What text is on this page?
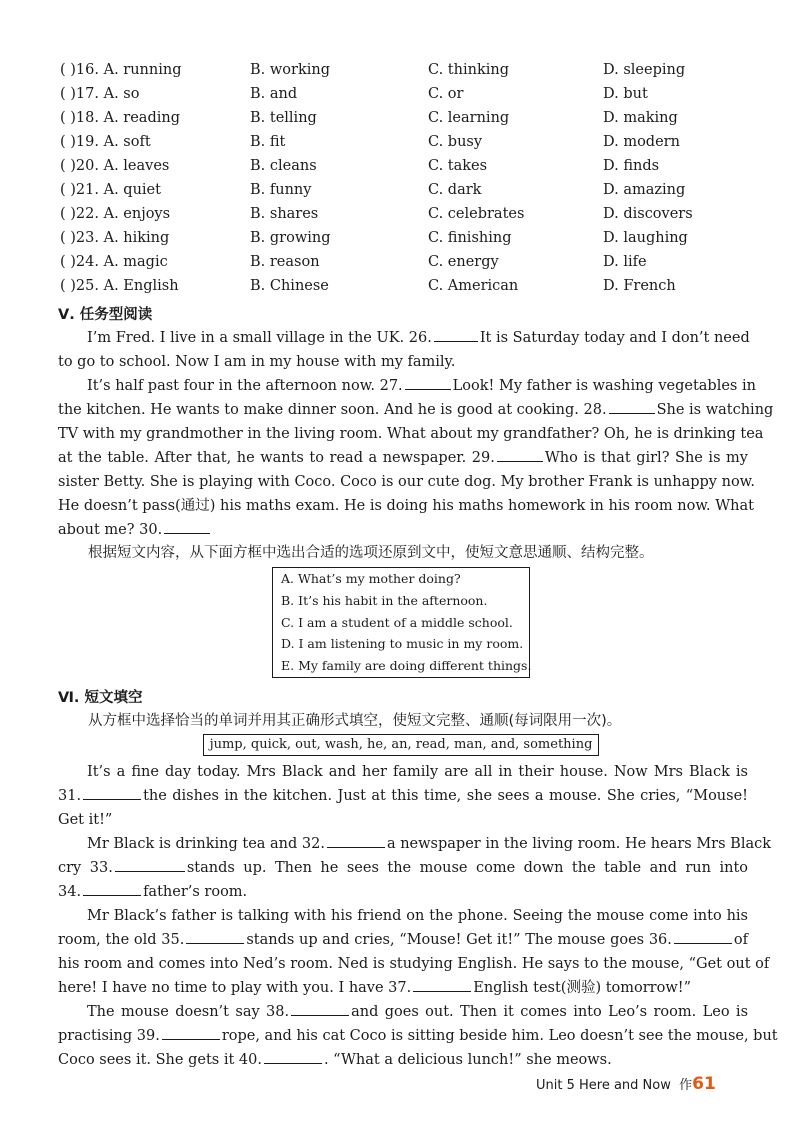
( )16. A. running	B. working	C. thinking	D. sleeping
( )17. A. so	B. and	C. or	D. but
( )18. A. reading	B. telling	C. learning	D. making
( )19. A. soft	B. fit	C. busy	D. modern
( )20. A. leaves	B. cleans	C. takes	D. finds
( )21. A. quiet	B. funny	C. dark	D. amazing
( )22. A. enjoys	B. shares	C. celebrates	D. discovers
( )23. A. hiking	B. growing	C. finishing	D. laughing
( )24. A. magic	B. reason	C. energy	D. life
( )25. A. English	B. Chinese	C. American	D. French
Ⅴ. 任务型阅读
I’m Fred. I live in a small village in the UK. 26.	It is Saturday today and I don’t need
to go to school. Now I am in my house with my family.
It’s half past four in the afternoon now. 27.	Look! My father is washing vegetables in
the kitchen. He wants to make dinner soon. And he is good at cooking. 28.	She is watching
TV with my grandmother in the living room. What about my grandfather? Oh, he is drinking tea
at the table. After that, he wants to read a newspaper. 29.	Who is that girl? She is my
sister Betty. She is playing with Coco. Coco is our cute dog. My brother Frank is unhappy now.
He doesn’t pass(通过) his maths exam. He is doing his maths homework in his room now. What
about me? 30.
根据短文内容，从下面方框中选出合适的选项还原到文中，使短文意思通顺、结构完整。
A. What’s my mother doing?
B. It’s his habit in the afternoon.
C. I am a student of a middle school.
D. I am listening to music in my room.
E. My family are doing different things.
Ⅵ. 短文填空
从方框中选择恰当的单词并用其正确形式填空，使短文完整、通顺(每词限用一次)。
jump, quick, out, wash, he, an, read, man, and, something
It’s a fine day today. Mrs Black and her family are all in their house. Now Mrs Black is
31.	the dishes in the kitchen. Just at this time, she sees a mouse. She cries, “Mouse!
Get it!”
Mr Black is drinking tea and 32.	a newspaper in the living room. He hears Mrs Black
cry 33.	stands up. Then he sees the mouse come down the table and run into
34.	father’s room.
Mr Black’s father is talking with his friend on the phone. Seeing the mouse come into his
room, the old 35.	stands up and cries, “Mouse! Get it!” The mouse goes 36.	of
his room and comes into Ned’s room. Ned is studying English. He says to the mouse, “Get out of
here! I have no time to play with you. I have 37.	English test(测验) tomorrow!”
The mouse doesn’t say 38.	and goes out. Then it comes into Leo’s room. Leo is
practising 39.	rope, and his cat Coco is sitting beside him. Leo doesn’t see the mouse, but
Coco sees it. She gets it 40.	. “What a delicious lunch!” she meows.
Unit 5 Here and Now 作61
